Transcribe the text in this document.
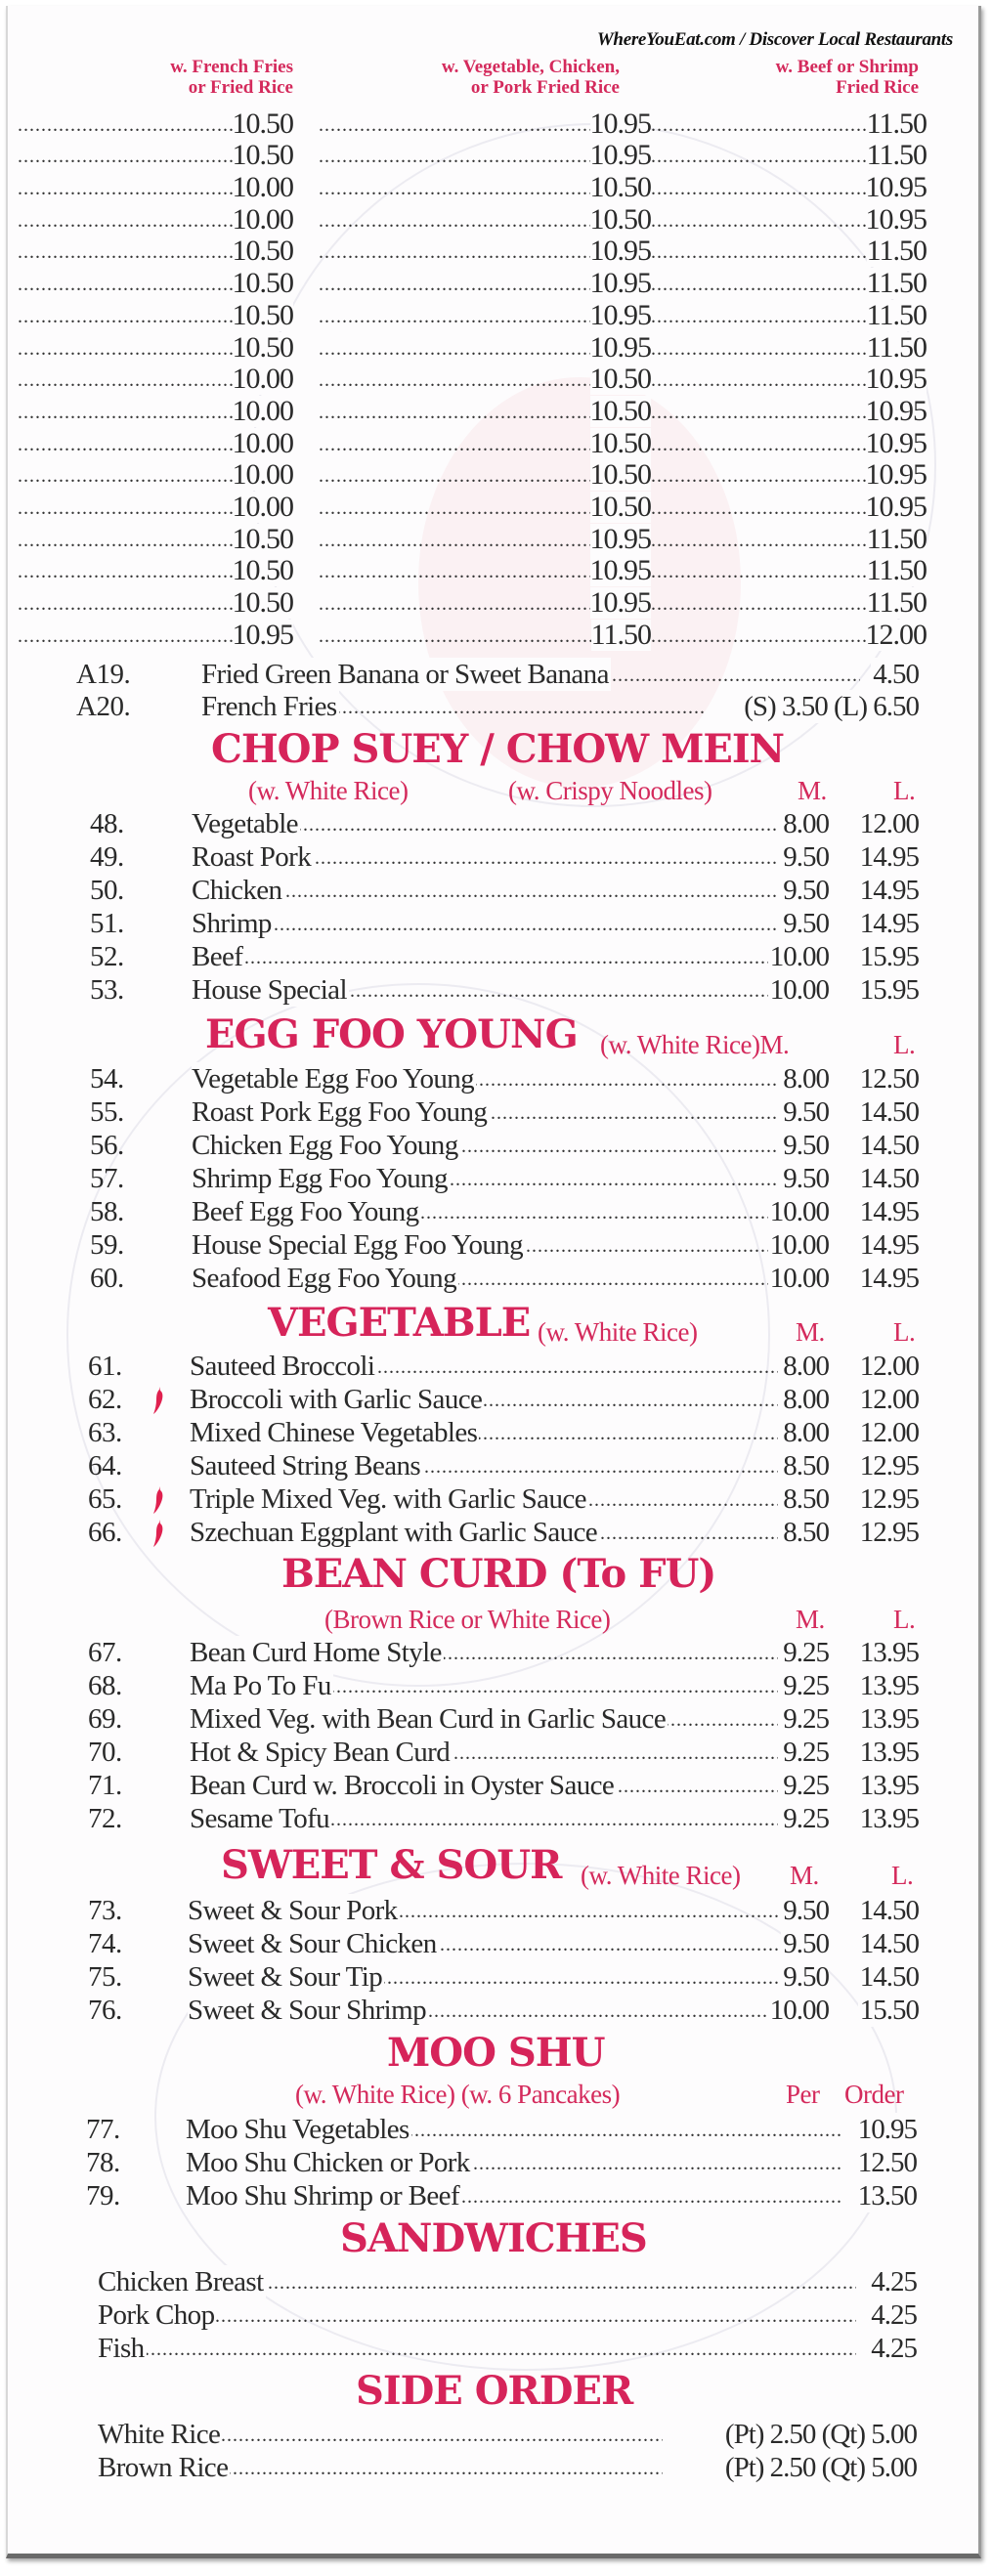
WhereYouEat.com / Discover Local Restaurants
w. French Fries
or Fried Rice
w. Vegetable, Chicken,
or Pork Fried Rice
w. Beef or Shrimp
Fried Rice
.....
10.50 .....	10.95 .....	11.50
.....
10.50 .....	10.95 .....	11.50
.....
10.00 .....	10.50 .....	10.95
.....
10.00 .....	10.50 .....	10.95
.....
10.50 .....	10.95 .....	11.50
.....
10.50 .....	10.95 .....	11.50
.....
10.50 .....	10.95 .....	11.50
.....
10.50 .....	10.95 .....	11.50
.....
10.00 .....	10.50 .....	10.95
.....
10.00 .....	10.50 .....	10.95
.....
10.00 .....	10.50 .....	10.95
.....
10.00 .....	10.50 .....	10.95
.....
10.00 .....	10.50 .....	10.95
.....
10.50 .....	10.95 .....	11.50
.....
10.50 .....	10.95 .....	11.50
.....
10.50 .....	10.95 .....	11.50
.....
10.95 .....	11.50 .....	12.00
A19.	Fried Green Banana or Sweet Banana .....	4.50
A20.	French Fries .....	(S) 3.50 (L) 6.50
CHOP SUEY / CHOW MEIN
(w. White Rice)	(w. Crispy Noodles)	M.	L.
48.	Vegetable .....	8.00 12.00
49.	Roast Pork .....	9.50 14.95
50.	Chicken .....	9.50 14.95
51.	Shrimp .....	9.50 14.95
52.	Beef .....	10.00 15.95
53.	House Special .....	10.00 15.95
EGG FOO YOUNG (w. White Rice)M.	L.
54.	Vegetable Egg Foo Young .....	8.00 12.50
55.	Roast Pork Egg Foo Young .....	9.50 14.50
56.	Chicken Egg Foo Young .....	9.50 14.50
57.	Shrimp Egg Foo Young .....	9.50 14.50
58.	Beef Egg Foo Young .....	10.00 14.95
59.	House Special Egg Foo Young .....	10.00 14.95
60.	Seafood Egg Foo Young .....	10.00 14.95
VEGETABLE (w. White Rice)	M.	L.
61.	Sauteed Broccoli .....	8.00 12.00
62.	Broccoli with Garlic Sauce .....	8.00 12.00
63.	Mixed Chinese Vegetables .....	8.00 12.00
64.	Sauteed String Beans .....	8.50 12.95
65.	Triple Mixed Veg. with Garlic Sauce .....	8.50 12.95
66.	Szechuan Eggplant with Garlic Sauce .....	8.50 12.95
BEAN CURD (To FU)
(Brown Rice or White Rice)	M.	L.
67.	Bean Curd Home Style .....	9.25 13.95
68.	Ma Po To Fu .....	9.25 13.95
69.	Mixed Veg. with Bean Curd in Garlic Sauce .....	9.25 13.95
70.	Hot & Spicy Bean Curd .....	9.25 13.95
71.	Bean Curd w. Broccoli in Oyster Sauce .....	9.25 13.95
72.	Sesame Tofu .....	9.25 13.95
SWEET & SOUR (w. White Rice) M.	L.
73.	Sweet & Sour Pork .....	9.50 14.50
74.	Sweet & Sour Chicken .....	9.50 14.50
75.	Sweet & Sour Tip .....	9.50 14.50
76.	Sweet & Sour Shrimp .....	10.00 15.50
MOO SHU
(w. White Rice) (w. 6 Pancakes)	Per Order
77.	Moo Shu Vegetables .....	10.95
78.	Moo Shu Chicken or Pork .....	12.50
79.	Moo Shu Shrimp or Beef .....	13.50
SANDWICHES
Chicken Breast .....	4.25
Pork Chop .....	4.25
Fish .....	4.25
SIDE ORDER
White Rice .....	(Pt) 2.50 (Qt) 5.00
Brown Rice .....	(Pt) 2.50 (Qt) 5.00
